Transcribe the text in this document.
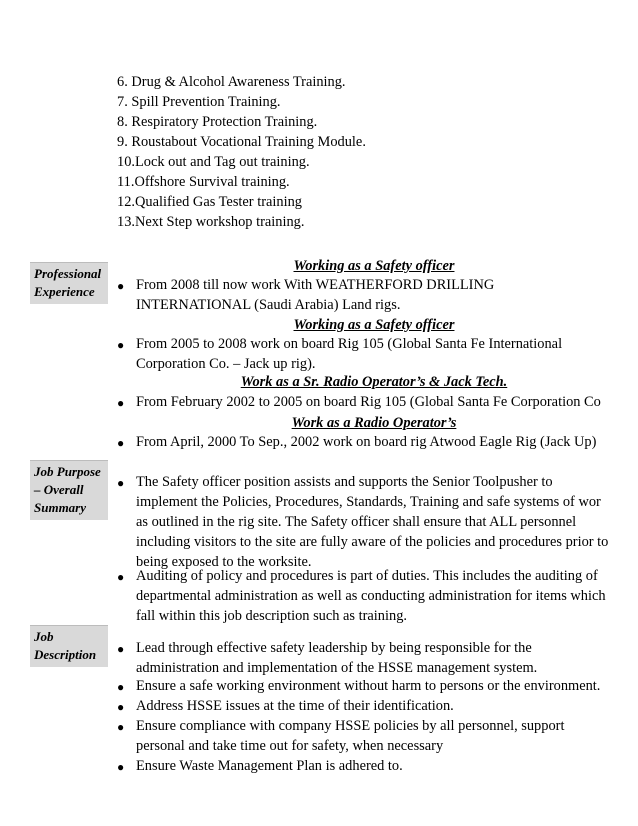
6. Drug & Alcohol Awareness Training.
7. Spill Prevention Training.
8. Respiratory Protection Training.
9. Roustabout Vocational Training Module.
10.Lock out and Tag out training.
11.Offshore Survival training.
12.Qualified Gas Tester training
13.Next Step workshop training.
Professional
Experience
Working as a Safety officer
● From 2008 till now work With WEATHERFORD DRILLING
INTERNATIONAL (Saudi Arabia) Land rigs.
Working as a Safety officer
● From 2005 to 2008 work on board Rig 105 (Global Santa Fe International
Corporation Co. – Jack up rig).
Work as a Sr. Radio Operator’s & Jack Tech.
● From February 2002 to 2005 on board Rig 105 (Global Santa Fe Corporation Co
Work as a Radio Operator’s
● From April, 2000 To Sep., 2002 work on board rig Atwood Eagle Rig (Jack Up)
Job Purpose
– Overall
Summary
● The Safety officer position assists and supports the Senior Toolpusher to
implement the Policies, Procedures, Standards, Training and safe systems of wor
as outlined in the rig site. The Safety officer shall ensure that ALL personnel
including visitors to the site are fully aware of the policies and procedures prior to
being exposed to the worksite.
● Auditing of policy and procedures is part of duties. This includes the auditing of
departmental administration as well as conducting administration for items which
fall within this job description such as training.
Job
Description	● Lead through effective safety leadership by being responsible for the
administration and implementation of the HSSE management system.
● Ensure a safe working environment without harm to persons or the environment.
● Address HSSE issues at the time of their identification.
● Ensure compliance with company HSSE policies by all personnel, support
personal and take time out for safety, when necessary
● Ensure Waste Management Plan is adhered to.
